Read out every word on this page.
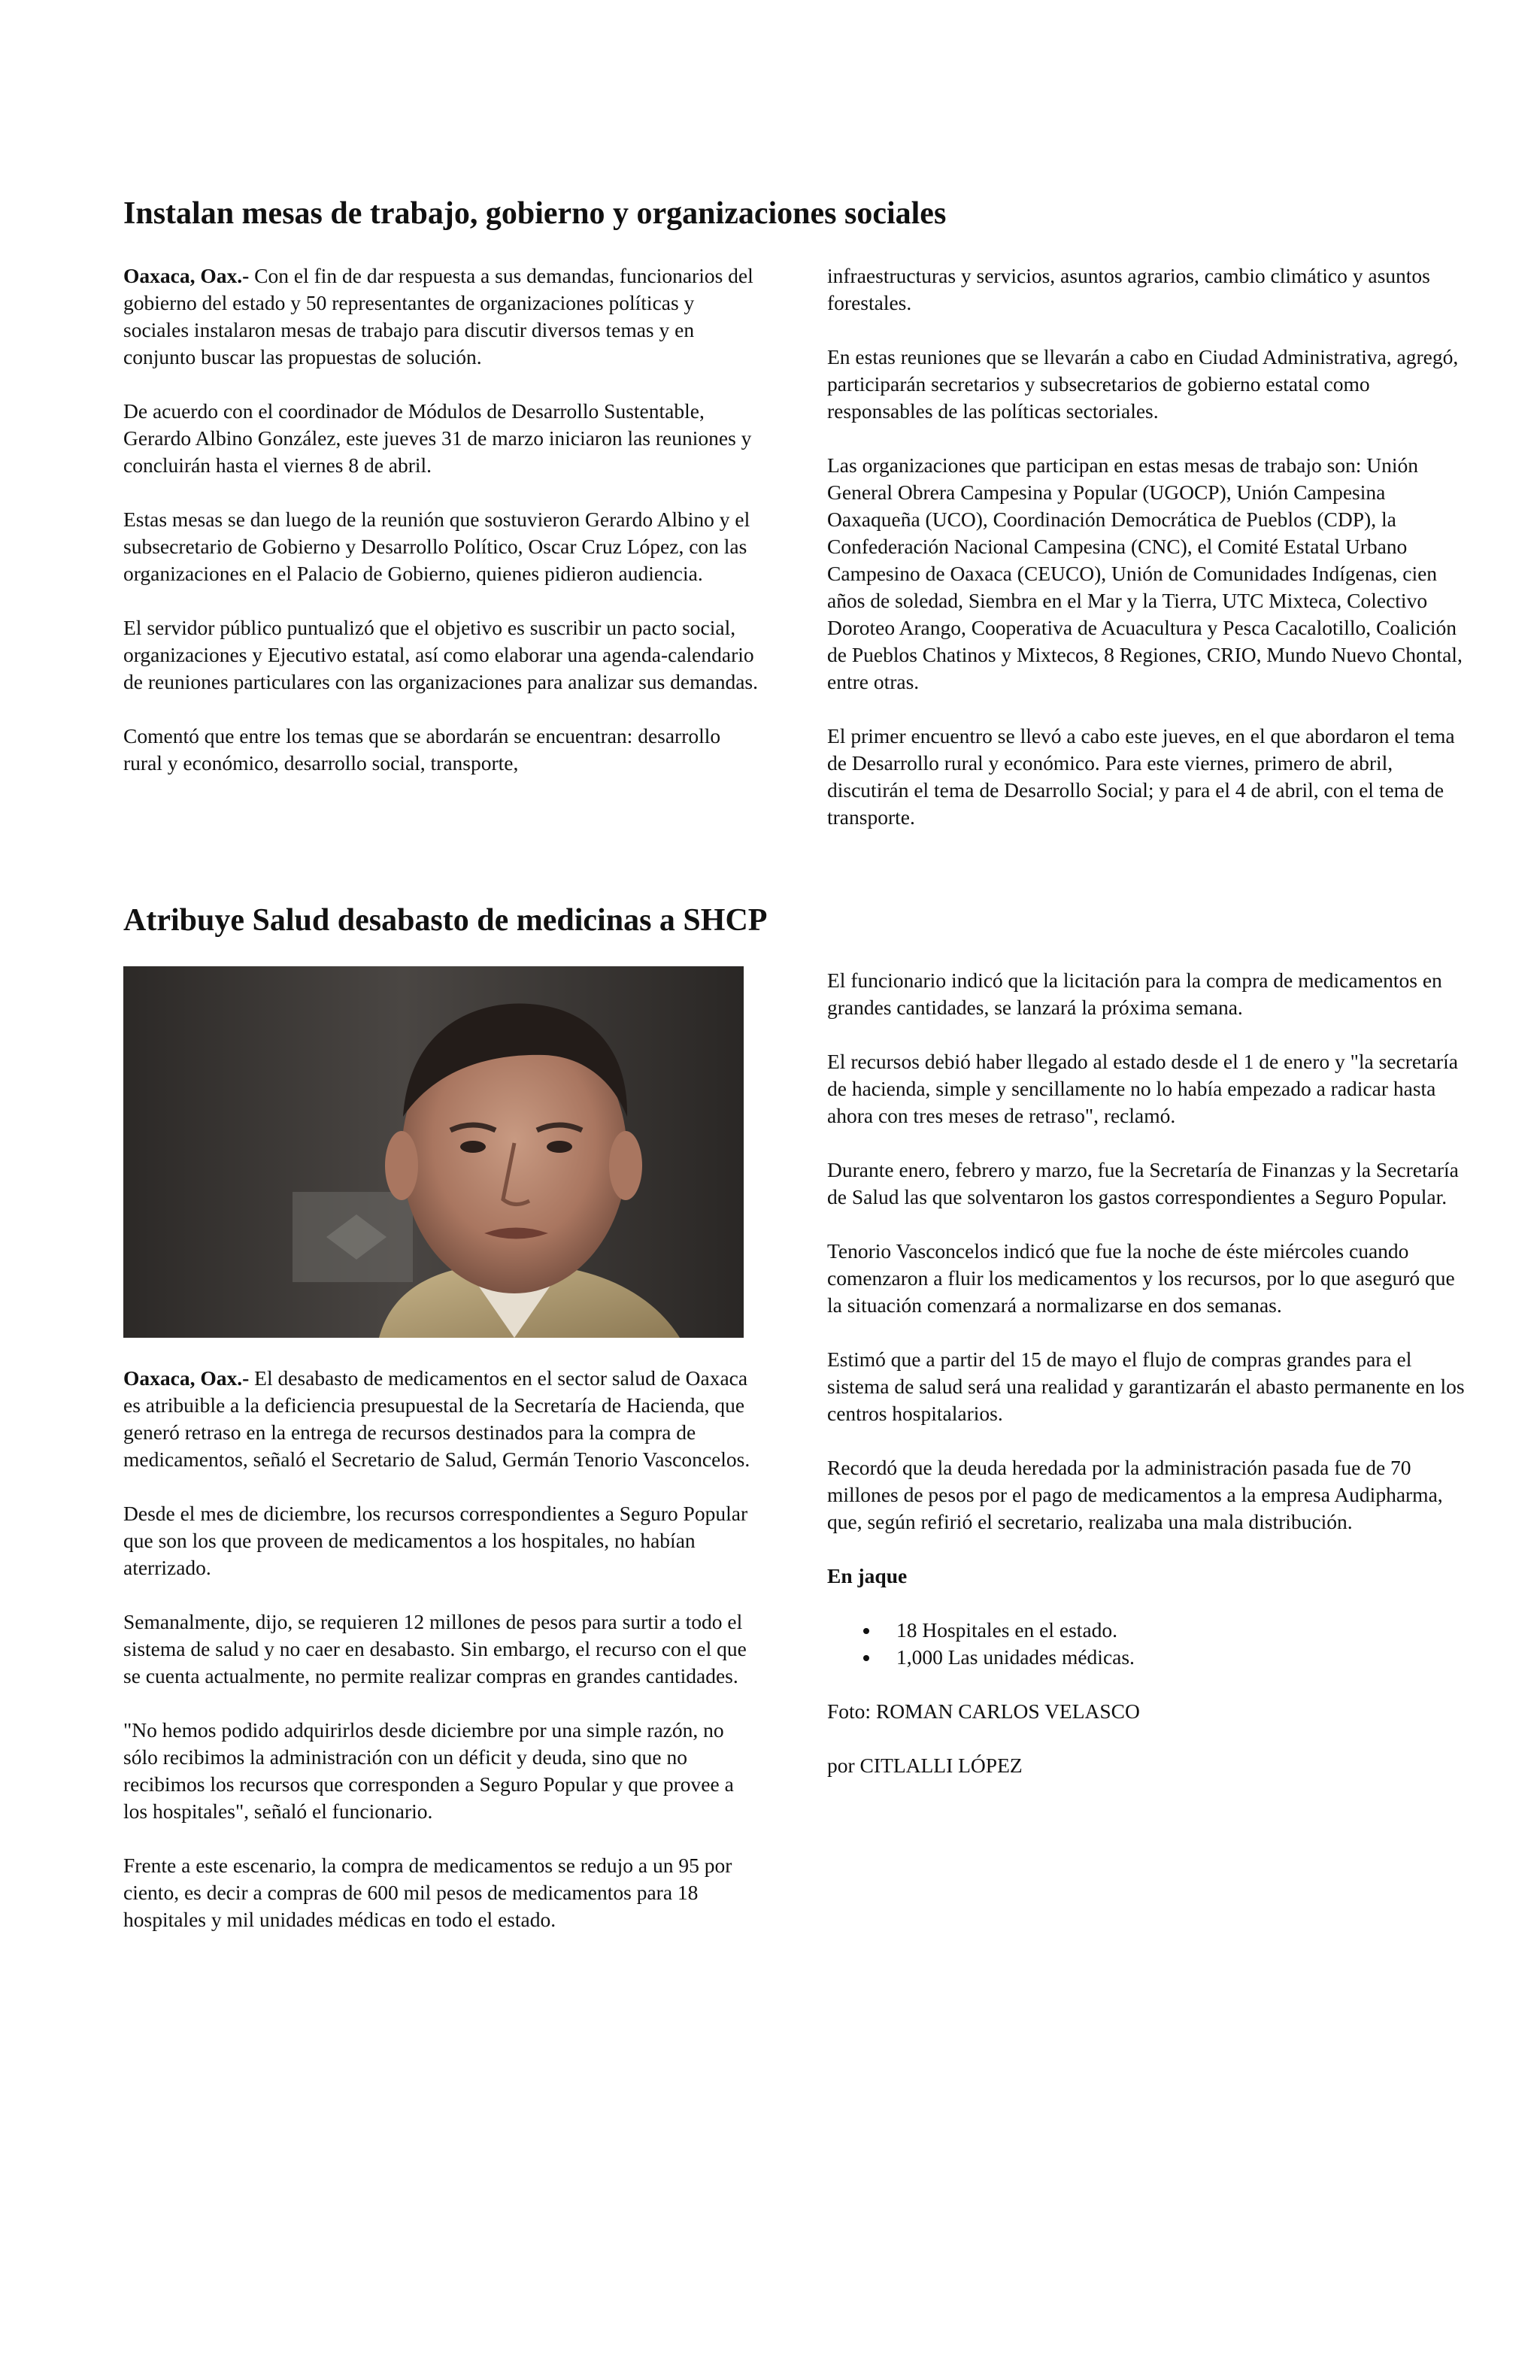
Instalan mesas de trabajo, gobierno y organizaciones sociales

Oaxaca, Oax.- Con el fin de dar respuesta a sus demandas, funcionarios del gobierno del estado y 50 representantes de organizaciones políticas y sociales instalaron mesas de trabajo para discutir diversos temas y en conjunto buscar las propuestas de solución.

De acuerdo con el coordinador de Módulos de Desarrollo Sustentable, Gerardo Albino González, este jueves 31 de marzo iniciaron las reuniones y concluirán hasta el viernes 8 de abril.

Estas mesas se dan luego de la reunión que sostuvieron Gerardo Albino y el subsecretario de Gobierno y Desarrollo Político, Oscar Cruz López, con las organizaciones en el Palacio de Gobierno, quienes pidieron audiencia.

El servidor público puntualizó que el objetivo es suscribir un pacto social, organizaciones y Ejecutivo estatal, así como elaborar una agenda-calendario de reuniones particulares con las organizaciones para analizar sus demandas.

Comentó que entre los temas que se abordarán se encuentran: desarrollo rural y económico, desarrollo social, transporte,

infraestructuras y servicios, asuntos agrarios, cambio climático y asuntos forestales.

En estas reuniones que se llevarán a cabo en Ciudad Administrativa, agregó, participarán secretarios y subsecretarios de gobierno estatal como responsables de las políticas sectoriales.

Las organizaciones que participan en estas mesas de trabajo son: Unión General Obrera Campesina y Popular (UGOCP), Unión Campesina Oaxaqueña (UCO), Coordinación Democrática de Pueblos (CDP), la Confederación Nacional Campesina (CNC), el Comité Estatal Urbano Campesino de Oaxaca (CEUCO), Unión de Comunidades Indígenas, cien años de soledad, Siembra en el Mar y la Tierra, UTC Mixteca, Colectivo Doroteo Arango, Cooperativa de Acuacultura y Pesca Cacalotillo, Coalición de Pueblos Chatinos y Mixtecos, 8 Regiones, CRIO, Mundo Nuevo Chontal, entre otras.

El primer encuentro se llevó a cabo este jueves, en el que abordaron el tema de Desarrollo rural y económico. Para este viernes, primero de abril, discutirán el tema de Desarrollo Social; y para el 4 de abril, con el tema de transporte.

Atribuye Salud desabasto de medicinas a SHCP

Oaxaca, Oax.- El desabasto de medicamentos en el sector salud de Oaxaca es atribuible a la deficiencia presupuestal de la Secretaría de Hacienda, que generó retraso en la entrega de recursos destinados para la compra de medicamentos, señaló el Secretario de Salud, Germán Tenorio Vasconcelos.

Desde el mes de diciembre, los recursos correspondientes a Seguro Popular que son los que proveen de medicamentos a los hospitales, no habían aterrizado.

Semanalmente, dijo, se requieren 12 millones de pesos para surtir a todo el sistema de salud y no caer en desabasto. Sin embargo, el recurso con el que se cuenta actualmente, no permite realizar compras en grandes cantidades.

"No hemos podido adquirirlos desde diciembre por una simple razón, no sólo recibimos la administración con un déficit y deuda, sino que no recibimos los recursos que corresponden a Seguro Popular y que provee a los hospitales", señaló el funcionario.

Frente a este escenario, la compra de medicamentos se redujo a un 95 por ciento, es decir a compras de 600 mil pesos de medicamentos para 18 hospitales y mil unidades médicas en todo el estado.

El funcionario indicó que la licitación para la compra de medicamentos en grandes cantidades, se lanzará la próxima semana.

El recursos debió haber llegado al estado desde el 1 de enero y "la secretaría de hacienda, simple y sencillamente no lo había empezado a radicar hasta ahora con tres meses de retraso", reclamó.

Durante enero, febrero y marzo, fue la Secretaría de Finanzas y la Secretaría de Salud las que solventaron los gastos correspondientes a Seguro Popular.

Tenorio Vasconcelos indicó que fue la noche de éste miércoles cuando comenzaron a fluir los medicamentos y los recursos, por lo que aseguró que la situación comenzará a normalizarse en dos semanas.

Estimó que a partir del 15 de mayo el flujo de compras grandes para el sistema de salud será una realidad y garantizarán el abasto permanente en los centros hospitalarios.

Recordó que la deuda heredada por la administración pasada fue de 70 millones de pesos por el pago de medicamentos a la empresa Audipharma, que, según refirió el secretario, realizaba una mala distribución.

En jaque

18 Hospitales en el estado.
1,000 Las unidades médicas.

Foto: ROMAN CARLOS VELASCO

por CITLALLI LÓPEZ
